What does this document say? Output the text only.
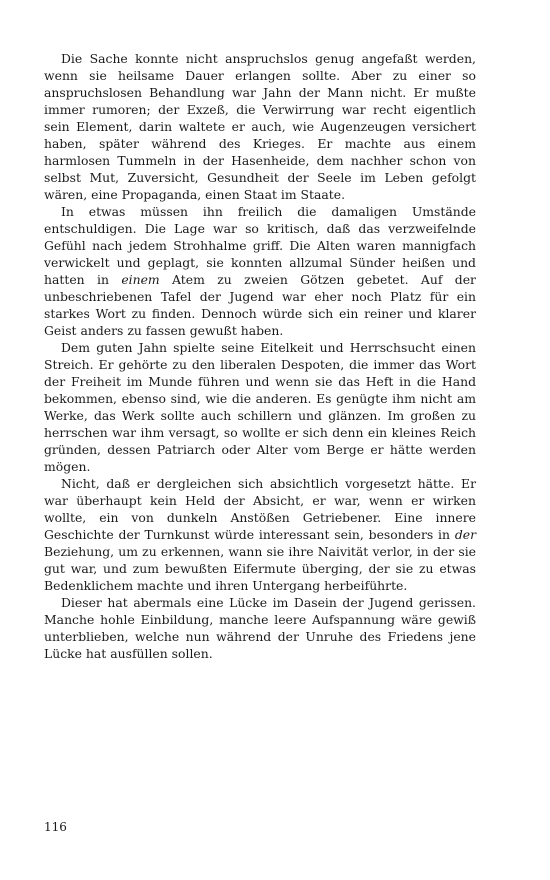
Die Sache konnte nicht anspruchslos genug angefaßt werden, wenn sie heilsame Dauer erlangen sollte. Aber zu einer so anspruchslosen Behandlung war Jahn der Mann nicht. Er mußte immer rumoren; der Exzeß, die Verwirrung war recht eigentlich sein Element, darin waltete er auch, wie Augenzeugen versichert haben, später während des Krieges. Er machte aus einem harmlosen Tummeln in der Hasenheide, dem nachher schon von selbst Mut, Zuversicht, Gesundheit der Seele im Leben gefolgt wären, eine Propaganda, einen Staat im Staate.

In etwas müssen ihn freilich die damaligen Umstände entschuldigen. Die Lage war so kritisch, daß das verzweifelnde Gefühl nach jedem Strohhalme griff. Die Alten waren mannigfach verwickelt und geplagt, sie konnten allzumal Sünder heißen und hatten in einem Atem zu zweien Götzen gebetet. Auf der unbeschriebenen Tafel der Jugend war eher noch Platz für ein starkes Wort zu finden. Dennoch würde sich ein reiner und klarer Geist anders zu fassen gewußt haben.

Dem guten Jahn spielte seine Eitelkeit und Herrschsucht einen Streich. Er gehörte zu den liberalen Despoten, die immer das Wort der Freiheit im Munde führen und wenn sie das Heft in die Hand bekommen, ebenso sind, wie die anderen. Es genügte ihm nicht am Werke, das Werk sollte auch schillern und glänzen. Im großen zu herrschen war ihm versagt, so wollte er sich denn ein kleines Reich gründen, dessen Patriarch oder Alter vom Berge er hätte werden mögen.

Nicht, daß er dergleichen sich absichtlich vorgesetzt hätte. Er war überhaupt kein Held der Absicht, er war, wenn er wirken wollte, ein von dunkeln Anstößen Getriebener. Eine innere Geschichte der Turnkunst würde interessant sein, besonders in der Beziehung, um zu erkennen, wann sie ihre Naivität verlor, in der sie gut war, und zum bewußten Eifermute überging, der sie zu etwas Bedenklichem machte und ihren Untergang herbeiführte.

Dieser hat abermals eine Lücke im Dasein der Jugend gerissen. Manche hohle Einbildung, manche leere Aufspannung wäre gewiß unterblieben, welche nun während der Unruhe des Friedens jene Lücke hat ausfüllen sollen.

116
